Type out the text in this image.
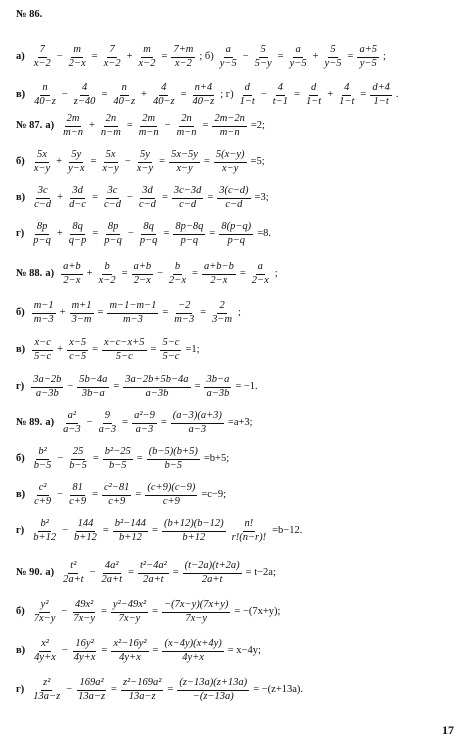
№ 86.
$а) \frac{7}{x-2} - \frac{m}{2-x} = \frac{7}{x-2} + \frac{m}{x-2} = \frac{7+m}{x-2}$ ; $б) \frac{a}{y-5} - \frac{5}{5-y} = \frac{a}{y-5} + \frac{5}{y-5} = \frac{a+5}{y-5}$ ;
$в) \frac{n}{40-z} - \frac{4}{z-40} = \frac{n}{40-z} + \frac{4}{40-z} = \frac{n+4}{40-z}$ ; $г) \frac{d}{1-t} - \frac{4}{t-1} = \frac{d}{1-t} + \frac{4}{1-t} = \frac{d+4}{1-t}$ .
№ 87. $а) \frac{2m}{m-n} + \frac{2n}{n-m} = \frac{2m}{m-n} - \frac{2n}{m-n} = \frac{2m-2n}{m-n} =2$;
$б) \frac{5x}{x-y} + \frac{5y}{y-x} = \frac{5x}{x-y} - \frac{5y}{x-y} = \frac{5x-5y}{x-y} = \frac{5(x-y)}{x-y} =5$;
$в) \frac{3c}{c-d} + \frac{3d}{d-c} = \frac{3c}{c-d} - \frac{3d}{c-d} = \frac{3c-3d}{c-d} = \frac{3(c-d)}{c-d} =3$;
$г) \frac{8p}{p-q} + \frac{8q}{q-p} = \frac{8p}{p-q} - \frac{8q}{p-q} = \frac{8p-8q}{p-q} = \frac{8(p-q)}{p-q} =8$.
№ 88. $а) \frac{a+b}{2-x} + \frac{b}{x-2} = \frac{a+b}{2-x} - \frac{b}{2-x} = \frac{a+b-b}{2-x} = \frac{a}{2-x}$ ;
$б) \frac{m-1}{m-3} + \frac{m+1}{3-m} = \frac{m-1-m-1}{m-3} = \frac{-2}{m-3} = \frac{2}{3-m}$ ;
$в) \frac{x-c}{5-c} + \frac{x-5}{c-5} = \frac{x-c-x+5}{5-c} = \frac{5-c}{5-c} =1$;
$г) \frac{3a-2b}{a-3b} - \frac{5b-4a}{3b-a} = \frac{3a-2b+5b-4a}{a-3b} = \frac{3b-a}{a-3b} = -1$.
№ 89. $а) \frac{\text{a²}}{a-3} - \frac{9}{a-3} = \frac{\text{a²−9}}{a-3} = \frac{(a-3)(a+3)}{a-3} =a+3$;
$б) \frac{\text{b²}}{b-5} - \frac{25}{b-5} = \frac{\text{b²−25}}{b-5} = \frac{(b-5)(b+5)}{b-5} =b+5$;
$в) \frac{\text{c²}}{c+9} - \frac{81}{c+9} = \frac{\text{c²−81}}{c+9} = \frac{(c+9)(c-9)}{c+9} =c-9$;
$г) \frac{\text{b²}}{b+12} - \frac{144}{b+12} = \frac{\text{b²−144}}{b+12} = \frac{(b+12)(b-12)}{b+12} \frac{n!}{r!(n-r)!} =b-12$.
№ 90. $а) \frac{\text{t²}}{2a+t} - \frac{\text{4a²}}{2a+t} = \frac{\text{t²−4a²}}{2a+t} = \frac{(t-2a)(t+2a)}{2a+t} = t-2a$;
$б) \frac{\text{y²}}{7x-y} - \frac{\text{49x²}}{7x-y} = \frac{\text{y²−49x²}}{7x-y} = \frac{-(7x-y)(7x+y)}{7x-y} = -(7x+y)$;
$в) \frac{\text{x²}}{4y+x} - \frac{\text{16y²}}{4y+x} = \frac{\text{x²−16y²}}{4y+x} = \frac{(x-4y)(x+4y)}{4y+x} = x-4y$;
$г) \frac{\text{z²}}{13a-z} - \frac{\text{169a²}}{13a-z} = \frac{\text{z²−169a²}}{13a-z} = \frac{(z-13a)(z+13a)}{-(z-13a)} = -(z+13a)$.
17
